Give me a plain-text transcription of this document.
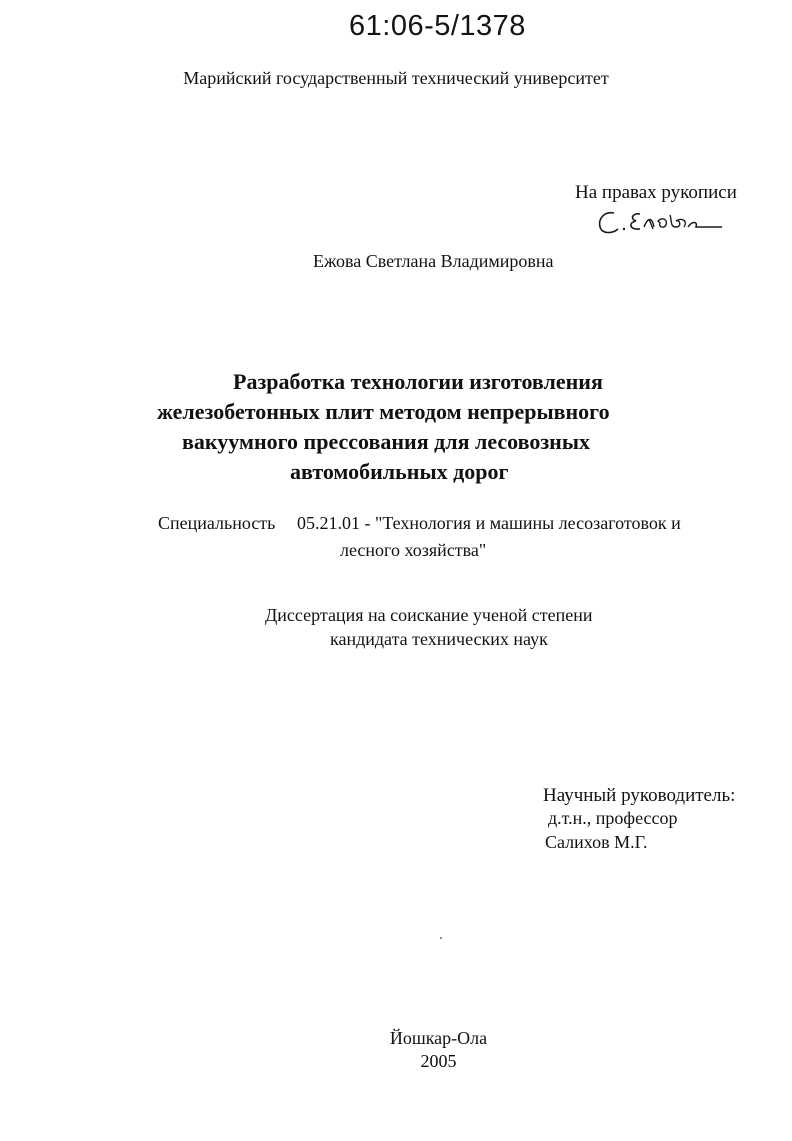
61:06-5/1378
Марийский государственный технический университет
На правах рукописи
Ежова Светлана Владимировна
Разработка технологии изготовления
железобетонных плит методом непрерывного
вакуумного прессования для лесовозных
автомобильных дорог
Специальность 05.21.01 - "Технология и машины лесозаготовок и
лесного хозяйства"
Диссертация на соискание ученой степени
кандидата технических наук
Научный руководитель:
д.т.н., профессор
Салихов М.Г.
Йошкар-Ола
2005
